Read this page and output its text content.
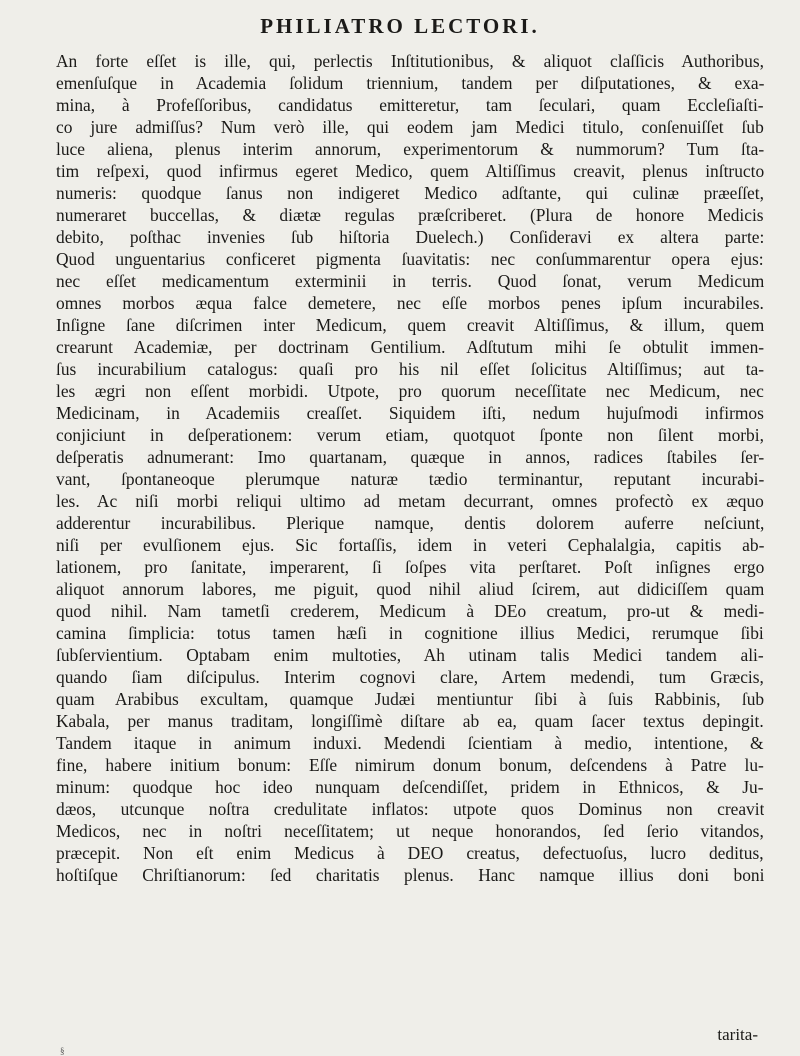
PHILIATRO LECTORI.
An forte eſſet is ille, qui, perlectis Inſtitutionibus, & aliquot claſſicis Authoribus,
emenſuſque in Academia ſolidum triennium, tandem per diſputationes, & exa-
mina, à Profeſſoribus, candidatus emitteretur, tam ſeculari, quam Eccleſiaſti-
co jure admiſſus? Num verò ille, qui eodem jam Medici titulo, conſenuiſſet ſub
luce aliena, plenus interim annorum, experimentorum & nummorum? Tum ſta-
tim reſpexi, quod infirmus egeret Medico, quem Altiſſimus creavit, plenus inſtructo
numeris: quodque ſanus non indigeret Medico adſtante, qui culinæ præeſſet,
numeraret buccellas, & diætæ regulas præſcriberet. (Plura de honore Medicis
debito, poſthac invenies ſub hiſtoria Duelech.) Conſideravi ex altera parte:
Quod unguentarius conficeret pigmenta ſuavitatis: nec conſummarentur opera ejus:
nec eſſet medicamentum exterminii in terris. Quod ſonat, verum Medicum
omnes morbos æqua falce demetere, nec eſſe morbos penes ipſum incurabiles.
Inſigne ſane diſcrimen inter Medicum, quem creavit Altiſſimus, & illum, quem
crearunt Academiæ, per doctrinam Gentilium. Adſtutum mihi ſe obtulit immen-
ſus incurabilium catalogus: quaſi pro his nil eſſet ſolicitus Altiſſimus; aut ta-
les ægri non eſſent morbidi. Utpote, pro quorum neceſſitate nec Medicum, nec
Medicinam, in Academiis creaſſet. Siquidem iſti, nedum hujuſmodi infirmos
conjiciunt in deſperationem: verum etiam, quotquot ſponte non ſilent morbi,
deſperatis adnumerant: Imo quartanam, quæque in annos, radices ſtabiles ſer-
vant, ſpontaneoque plerumque naturæ tædio terminantur, reputant incurabi-
les. Ac niſi morbi reliqui ultimo ad metam decurrant, omnes profectò ex æquo
adderentur incurabilibus. Plerique namque, dentis dolorem auferre neſciunt,
niſi per evulſionem ejus. Sic fortaſſis, idem in veteri Cephalalgia, capitis ab-
lationem, pro ſanitate, imperarent, ſi ſoſpes vita perſtaret. Poſt inſignes ergo
aliquot annorum labores, me piguit, quod nihil aliud ſcirem, aut didiciſſem quam
quod nihil. Nam tametſi crederem, Medicum à DEo creatum, pro-ut & medi-
camina ſimplicia: totus tamen hæſi in cognitione illius Medici, rerumque ſibi
ſubſervientium. Optabam enim multoties, Ah utinam talis Medici tandem ali-
quando ſiam diſcipulus. Interim cognovi clare, Artem medendi, tum Græcis,
quam Arabibus excultam, quamque Judæi mentiuntur ſibi à ſuis Rabbinis, ſub
Kabala, per manus traditam, longiſſimè diſtare ab ea, quam ſacer textus depingit.
Tandem itaque in animum induxi. Medendi ſcientiam à medio, intentione, &
fine, habere initium bonum: Eſſe nimirum donum bonum, deſcendens à Patre lu-
minum: quodque hoc ideo nunquam deſcendiſſet, pridem in Ethnicos, & Ju-
dæos, utcunque noſtra credulitate inflatos: utpote quos Dominus non creavit
Medicos, nec in noſtri neceſſitatem; ut neque honorandos, ſed ſerio vitandos,
præcepit. Non eſt enim Medicus à DEO creatus, defectuoſus, lucro deditus,
hoſtiſque Chriſtianorum: ſed charitatis plenus. Hanc namque illius doni boni
tarita-
§
